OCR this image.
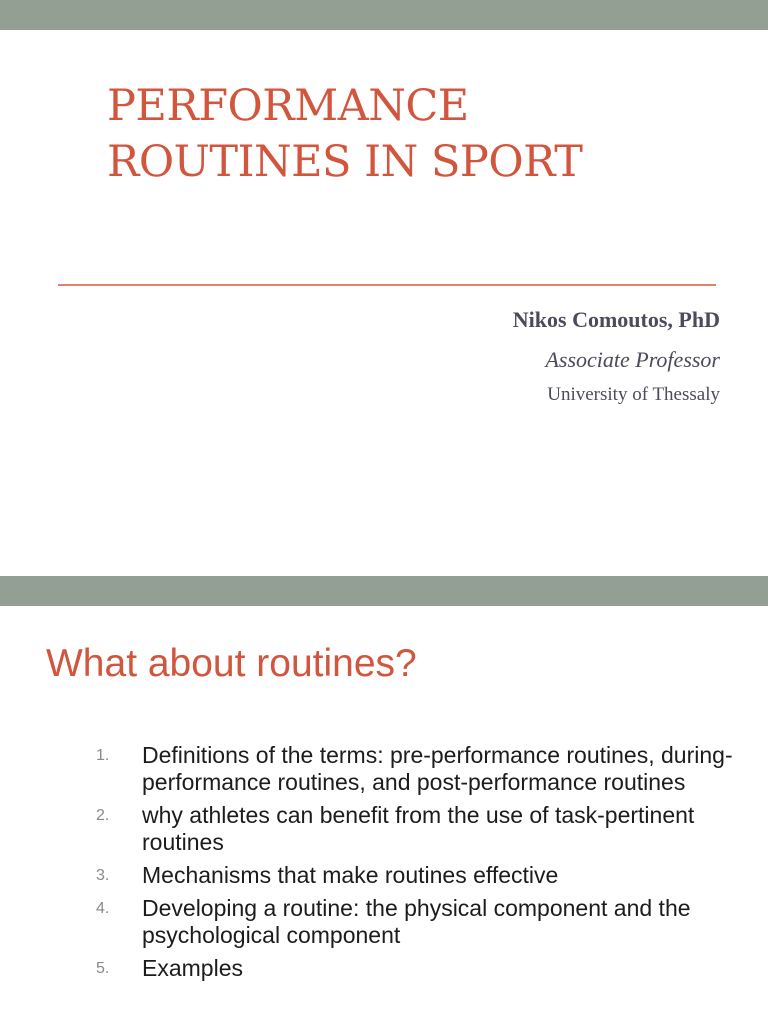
PERFORMANCE
ROUTINES IN SPORT
Nikos Comoutos, PhD
Associate Professor
University of Thessaly
What about routines?
1. Definitions of the terms: pre-performance routines, during-performance routines, and post-performance routines
2. why athletes can benefit from the use of task-pertinent routines
3. Mechanisms that make routines effective
4. Developing a routine: the physical component and the psychological component
5. Examples
